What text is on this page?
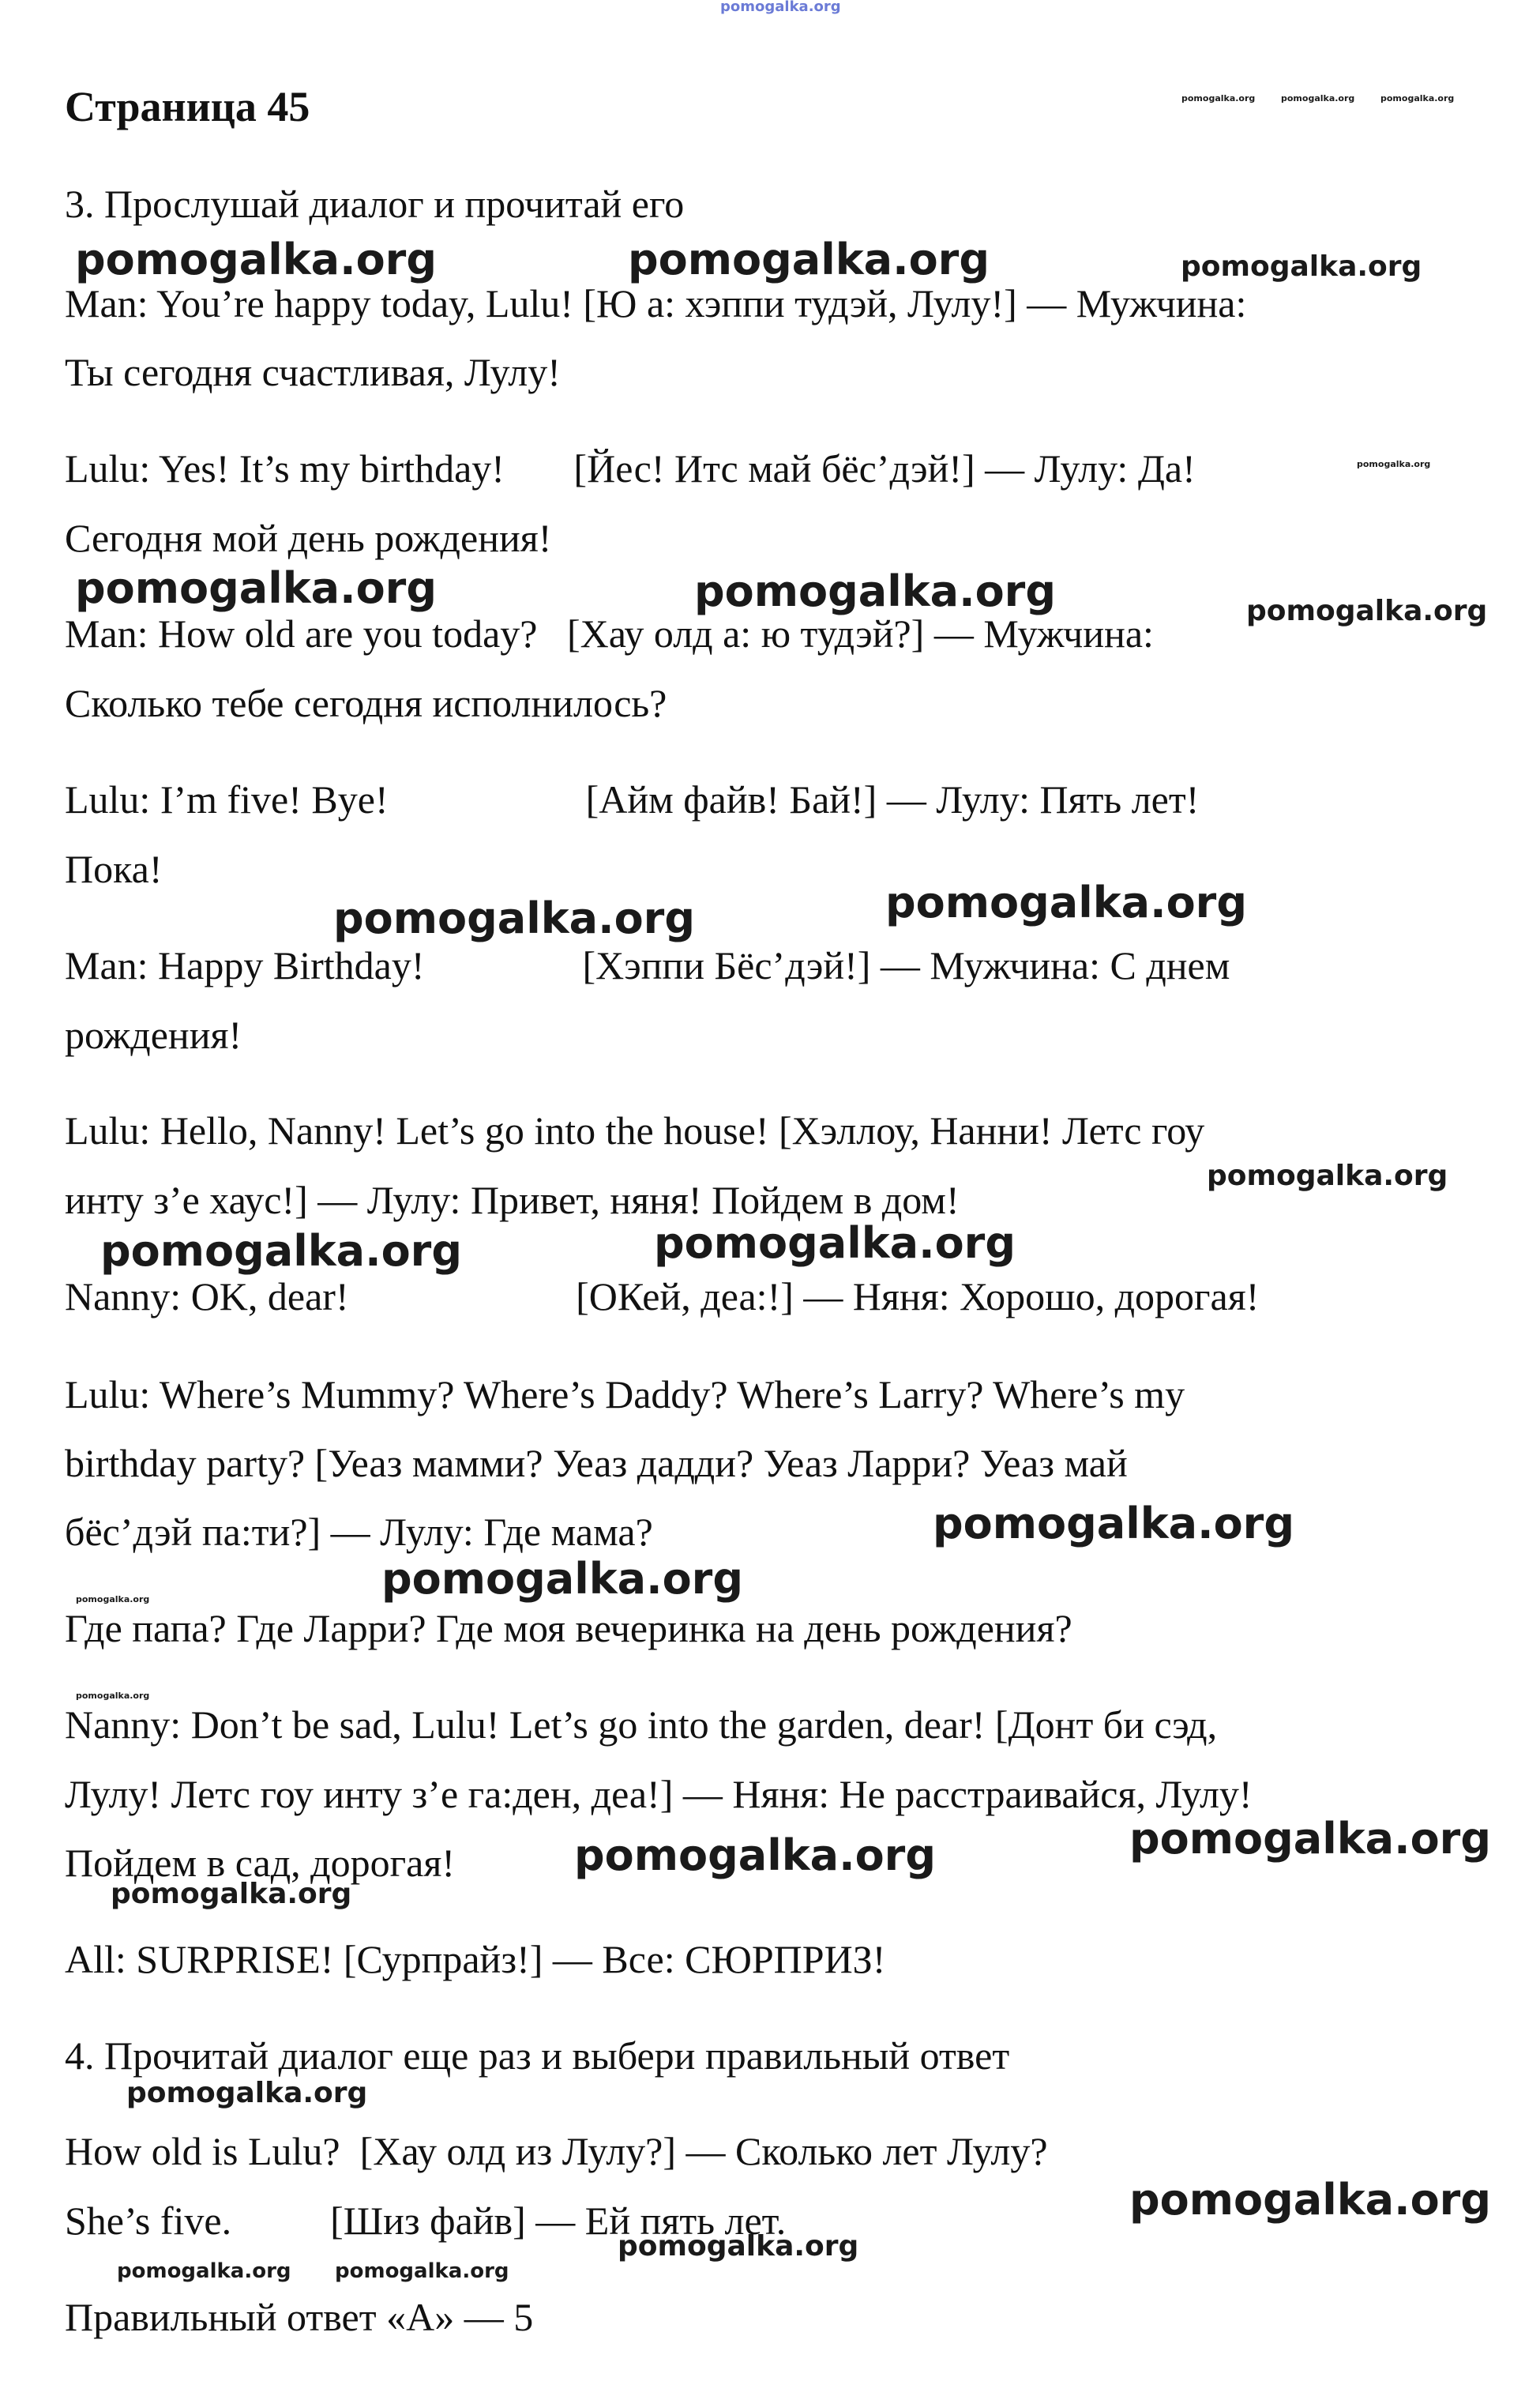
pomogalka.org
Страница 45
3. Прослушай диалог и прочитай его
Man: You’re happy today, Lulu! [Ю а: хэппи тудэй, Лулу!] — Мужчина:
Ты сегодня счастливая, Лулу!
Lulu: Yes! It’s my birthday!       [Йес! Итс май бёс’дэй!] — Лулу: Да!
Сегодня мой день рождения!
Man: How old are you today?   [Хау олд а: ю тудэй?] — Мужчина:
Сколько тебе сегодня исполнилось?
Lulu: I’m five! Bye!                    [Айм файв! Бай!] — Лулу: Пять лет!
Пока!
Man: Happy Birthday!                [Хэппи Бёс’дэй!] — Мужчина: С днем
рождения!
Lulu: Hello, Nanny! Let’s go into the house! [Хэллоу, Нанни! Летс гоу
инту з’е хаус!] — Лулу: Привет, няня! Пойдем в дом!
Nanny: OK, dear!                       [ОКей, деа:!] — Няня: Хорошо, дорогая!
Lulu: Where’s Mummy? Where’s Daddy? Where’s Larry? Where’s my
birthday party? [Уеаз мамми? Уеаз дадди? Уеаз Ларри? Уеаз май
бёс’дэй па:ти?] — Лулу: Где мама?
Где папа? Где Ларри? Где моя вечеринка на день рождения?
Nanny: Don’t be sad, Lulu! Let’s go into the garden, dear! [Донт би сэд,
Лулу! Летс гоу инту з’е га:ден, деа!] — Няня: Не расстраивайся, Лулу!
Пойдем в сад, дорогая!
All: SURPRISE! [Сурпрайз!] — Все: СЮРПРИЗ!
4. Прочитай диалог еще раз и выбери правильный ответ
How old is Lulu?  [Хау олд из Лулу?] — Сколько лет Лулу?
She’s five.          [Шиз файв] — Ей пять лет.
Правильный ответ «А» — 5
pomogalka.org	pomogalka.org	pomogalka.org
pomogalka.org	pomogalka.org	pomogalka.org
pomogalka.org
pomogalka.org	pomogalka.org	pomogalka.org
pomogalka.org	pomogalka.org
pomogalka.org
pomogalka.org	pomogalka.org
pomogalka.org
pomogalka.org
pomogalka.org
pomogalka.org
pomogalka.org
pomogalka.org
pomogalka.org
pomogalka.org
pomogalka.org
pomogalka.org
pomogalka.org pomogalka.org
